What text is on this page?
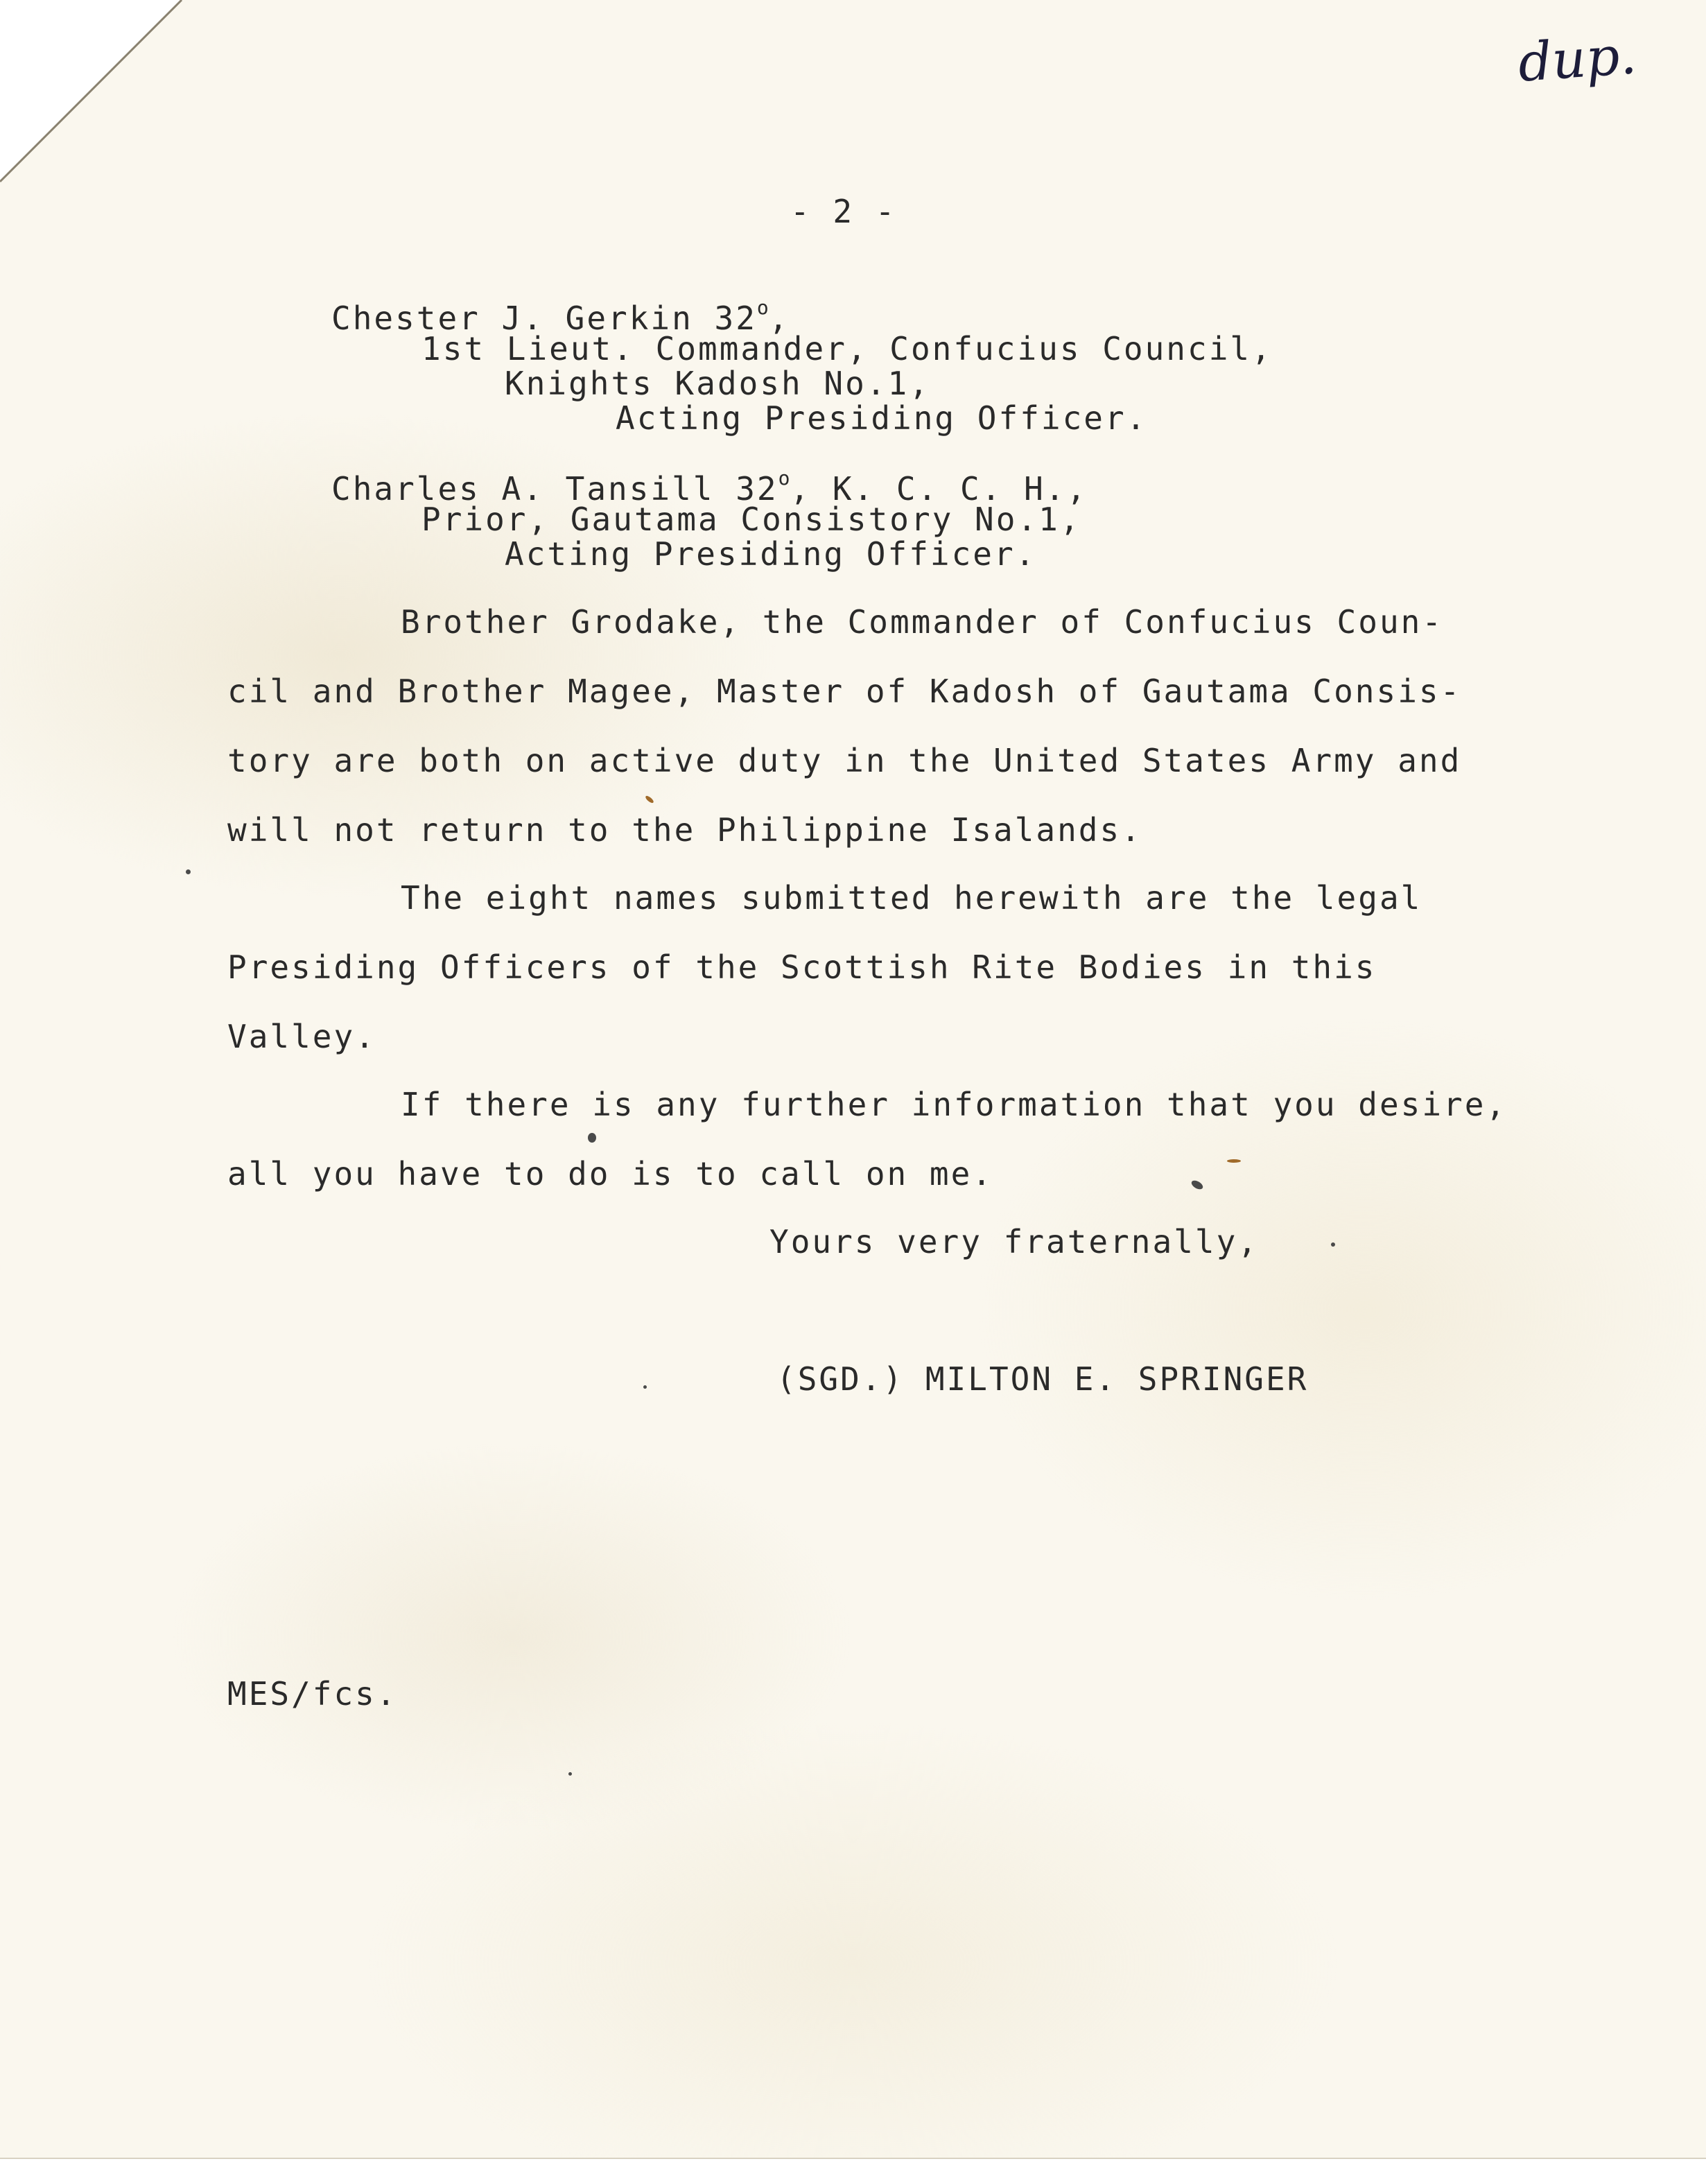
dup.
- 2 -
Chester J. Gerkin 32$^o$,
1st Lieut. Commander, Confucius Council,
Knights Kadosh No.1,
Acting Presiding Officer.
Charles A. Tansill 32$^o$, K. C. C. H.,
Prior, Gautama Consistory No.1,
Acting Presiding Officer.
Brother Grodake, the Commander of Confucius Coun-
cil and Brother Magee, Master of Kadosh of Gautama Consis-
tory are both on active duty in the United States Army and
will not return to the Philippine Isalands.
The eight names submitted herewith are the legal
Presiding Officers of the Scottish Rite Bodies in this
Valley.
If there is any further information that you desire,
all you have to do is to call on me.
Yours very fraternally,
(SGD.) MILTON E. SPRINGER
MES/fcs.
